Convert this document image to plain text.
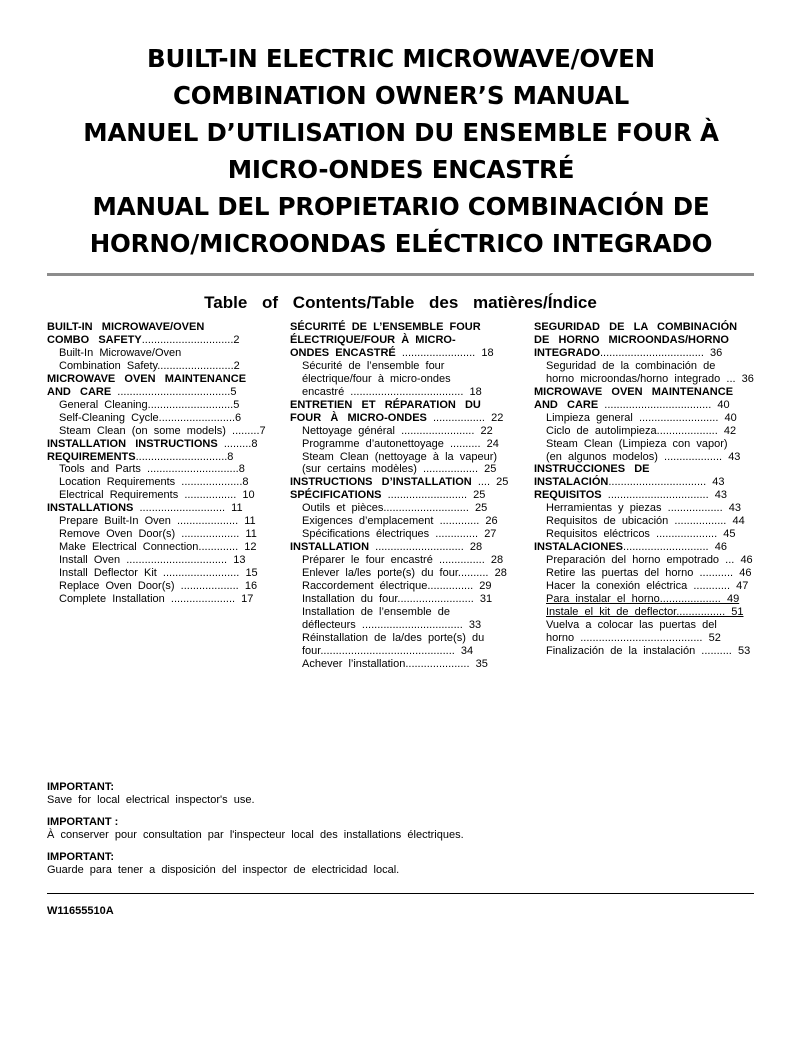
BUILT-IN ELECTRIC MICROWAVE/OVEN
COMBINATION OWNER’S MANUAL
MANUEL D’UTILISATION DU ENSEMBLE FOUR À
MICRO-ONDES ENCASTRÉ
MANUAL DEL PROPIETARIO COMBINACIÓN DE
HORNO/MICROONDAS ELÉCTRICO INTEGRADO
Table of Contents/Table des matières/Índice
BUILT-IN   MICROWAVE/OVEN
COMBO   SAFETY..............................2
Built-In  Microwave/Oven
Combination  Safety.........................2
MICROWAVE   OVEN   MAINTENANCE
AND   CARE  .....................................5
General  Cleaning............................5
Self-Cleaning  Cycle.........................6
Steam  Clean  (on  some  models)  .........7
INSTALLATION   INSTRUCTIONS  .........8
REQUIREMENTS..............................8
Tools  and  Parts  ..............................8
Location  Requirements  ....................8
Electrical  Requirements  .................  10
INSTALLATIONS  ............................  11
Prepare  Built-In  Oven  ....................  11
Remove  Oven  Door(s)  ...................  11
Make  Electrical  Connection.............  12
Install  Oven  .................................  13
Install  Deflector  Kit  .........................  15
Replace  Oven  Door(s)  ...................  16
Complete  Installation  .....................  17
SÉCURITÉ  DE  L’ENSEMBLE  FOUR
ÉLECTRIQUE/FOUR  À  MICRO-
ONDES  ENCASTRÉ  ........................  18
Sécurité  de  l’ensemble  four
électrique/four  à  micro-ondes
encastré  .....................................  18
ENTRETIEN   ET   RÉPARATION   DU
FOUR   À   MICRO-ONDES  .................  22
Nettoyage  général  ........................  22
Programme  d’autonettoyage  ..........  24
Steam  Clean  (nettoyage  à  la  vapeur)
(sur  certains  modèles)  ..................  25
INSTRUCTIONS   D’INSTALLATION  ....  25
SPÉCIFICATIONS  ..........................  25
Outils  et  pièces............................  25
Exigences  d’emplacement  .............  26
Spécifications  électriques  ..............  27
INSTALLATION  .............................  28
Préparer  le  four  encastré  ...............  28
Enlever  la/les  porte(s)  du  four..........  28
Raccordement  électrique...............  29
Installation  du  four.........................  31
Installation  de  l’ensemble  de
déflecteurs  .................................  33
Réinstallation  de  la/des  porte(s)  du
four............................................  34
Achever  l’installation.....................  35
SEGURIDAD   DE   LA   COMBINACIÓN
DE   HORNO   MICROONDAS/HORNO
INTEGRADO..................................  36
Seguridad  de  la  combinación  de
horno  microondas/horno  integrado  ...  36
MICROWAVE   OVEN   MAINTENANCE
AND   CARE  ...................................  40
Limpieza  general  ..........................  40
Ciclo  de  autolimpieza....................  42
Steam  Clean  (Limpieza  con  vapor)
(en  algunos  modelos)  ...................  43
INSTRUCCIONES   DE
INSTALACIÓN................................  43
REQUISITOS  .................................  43
Herramientas  y  piezas  ..................  43
Requisitos  de  ubicación  .................  44
Requisitos  eléctricos  ....................  45
INSTALACIONES............................  46
Preparación  del  horno  empotrado  ...  46
Retire  las  puertas  del  horno  ...........  46
Hacer  la  conexión  eléctrica  ............  47
Para  instalar  el  horno....................  49
Instale  el  kit  de  deflector................  51
Vuelva  a  colocar  las  puertas  del
horno  ........................................  52
Finalización  de  la  instalación  ..........  53
IMPORTANT:
Save  for  local  electrical  inspector's  use.
IMPORTANT :
À  conserver  pour  consultation  par  l'inspecteur  local  des  installations  électriques.
IMPORTANT:
Guarde  para  tener  a  disposición  del  inspector  de  electricidad  local.
W11655510A
